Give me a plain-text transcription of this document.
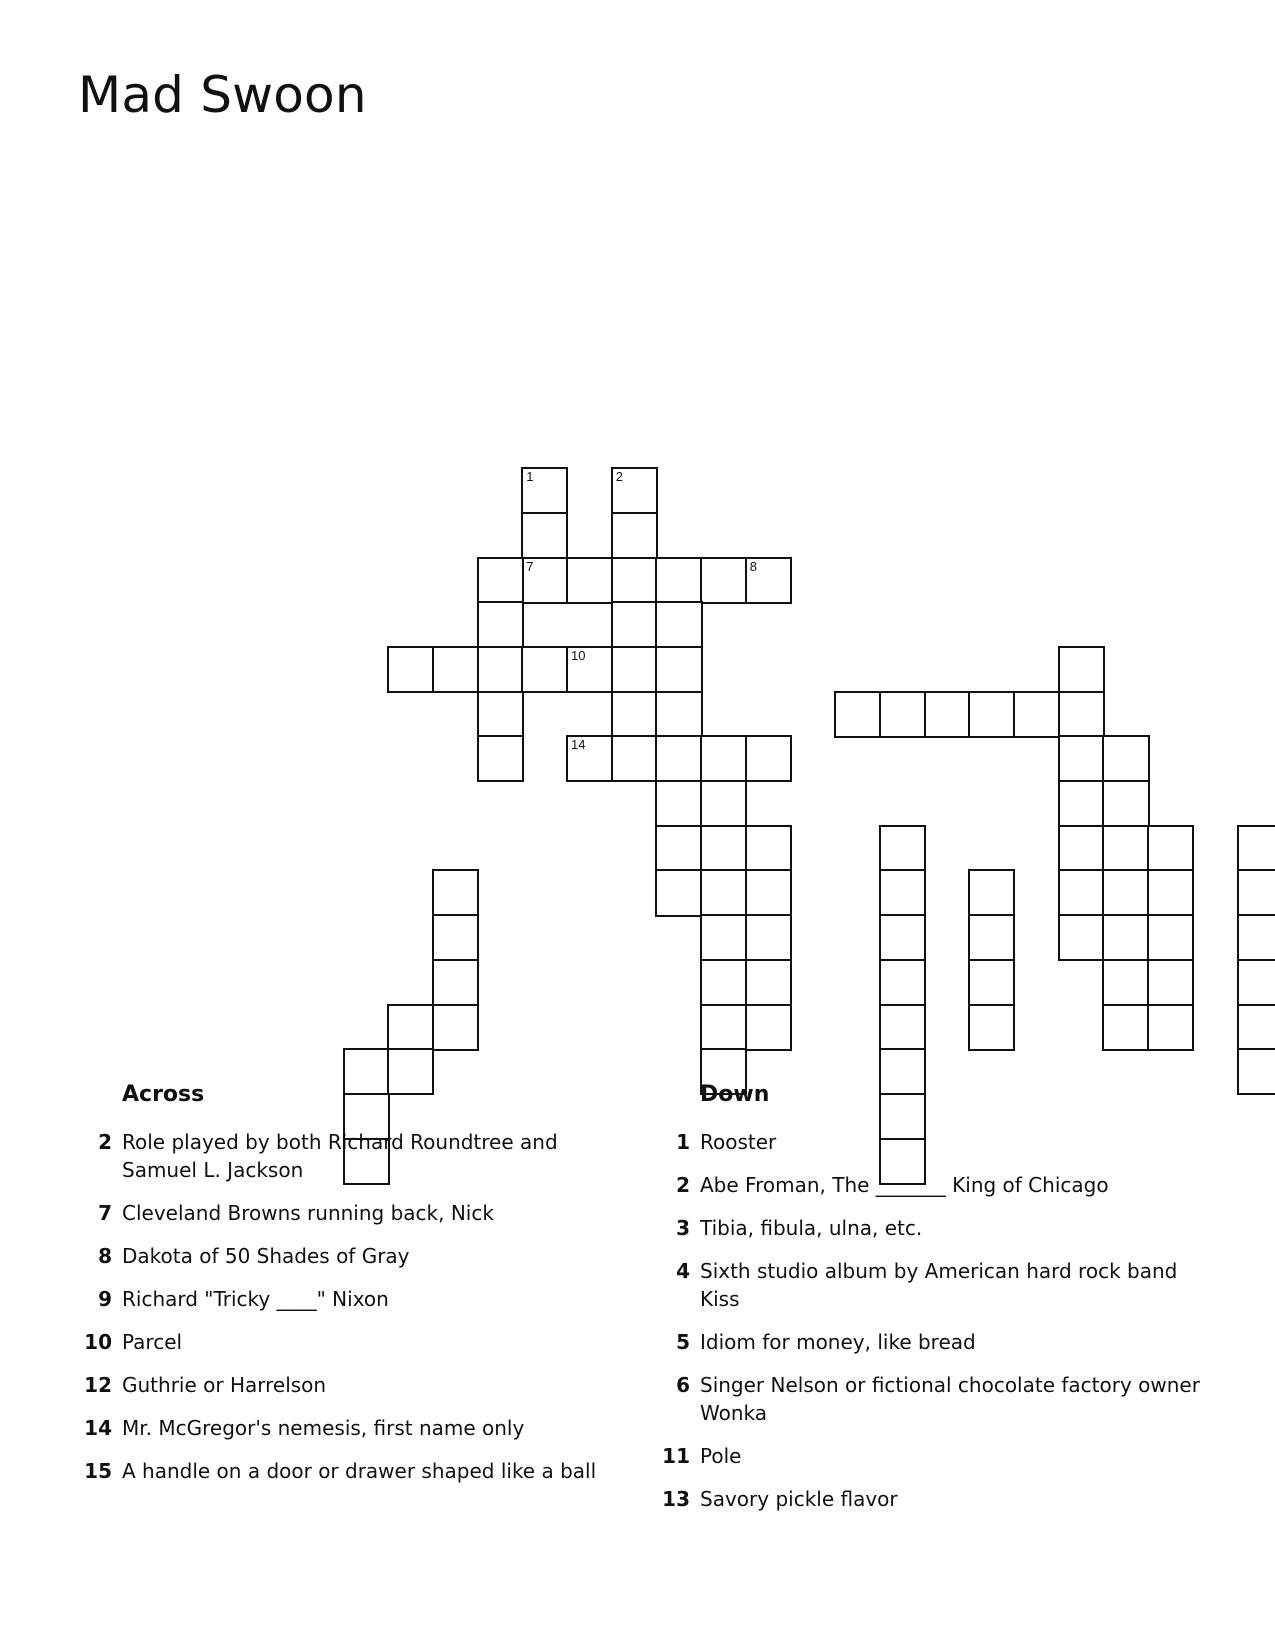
Mad Swoon
1
7
2
8
10
14
Across
2 Role played by both Richard Roundtree and Samuel L. Jackson
7 Cleveland Browns running back, Nick
8 Dakota of 50 Shades of Gray
9 Richard "Tricky ____" Nixon
10 Parcel
12 Guthrie or Harrelson
14 Mr. McGregor's nemesis, first name only
15 A handle on a door or drawer shaped like a ball
Down
1 Rooster
2 Abe Froman, The _______ King of Chicago
3 Tibia, fibula, ulna, etc.
4 Sixth studio album by American hard rock band Kiss
5 Idiom for money, like bread
6 Singer Nelson or fictional chocolate factory owner Wonka
11 Pole
13 Savory pickle flavor
